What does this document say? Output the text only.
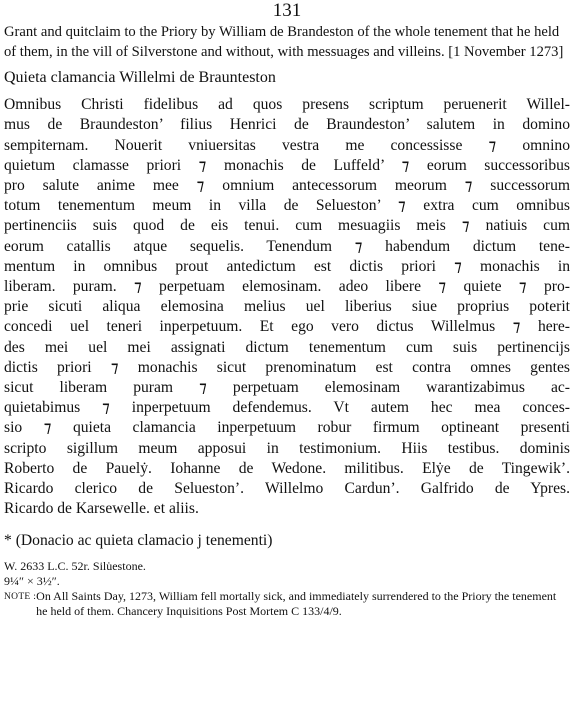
131

Grant and quitclaim to the Priory by William de Brandeston of the whole tenement that he held of them, in the vill of Silverstone and without, with messuages and villeins. [1 November 1273]

Quieta clamancia Willelmi de Braunteston
Omnibus Christi fidelibus ad quos presens scriptum peruenerit Willel-
mus de Braundeston’ filius Henrici de Braundeston’ salutem in domino
sempiternam. Nouerit vniuersitas vestra me concessisse ⁊ omnino
quietum clamasse priori ⁊ monachis de Luffeld’ ⁊ eorum successoribus
pro salute anime mee ⁊ omnium antecessorum meorum ⁊ successorum
totum tenementum meum in villa de Selueston’ ⁊ extra cum omnibus
pertinenciis suis quod de eis tenui. cum mesuagiis meis ⁊ natiuis cum
eorum catallis atque sequelis. Tenendum ⁊ habendum dictum tene-
mentum in omnibus prout antedictum est dictis priori ⁊ monachis in
liberam. puram. ⁊ perpetuam elemosinam. adeo libere ⁊ quiete ⁊ pro-
prie sicuti aliqua elemosina melius uel liberius siue proprius poterit
concedi uel teneri inperpetuum. Et ego vero dictus Willelmus ⁊ here-
des mei uel mei assignati dictum tenementum cum suis pertinencijs
dictis priori ⁊ monachis sicut prenominatum est contra omnes gentes
sicut liberam puram ⁊ perpetuam elemosinam warantizabimus ac-
quietabimus ⁊ inperpetuum defendemus. Vt autem hec mea conces-
sio ⁊ quieta clamancia inperpetuum robur firmum optineant presenti
scripto sigillum meum apposui in testimonium. Hiis testibus. dominis
Roberto de Pauelẏ. Iohanne de Wedone. militibus. Elẏe de Tingewik’.
Ricardo clerico de Selueston’. Willelmo Cardun’. Galfrido de Ypres.
Ricardo de Karsewelle. et aliis.
* (Donacio ac quieta clamacio j tenementi)
W. 2633 L.C. 52r. Silu̇estone.
9¼″ × 3½″.
NOTE : On All Saints Day, 1273, William fell mortally sick, and immediately surrendered to the Priory the tenement he held of them. Chancery Inquisitions Post Mortem C 133/4/9.
